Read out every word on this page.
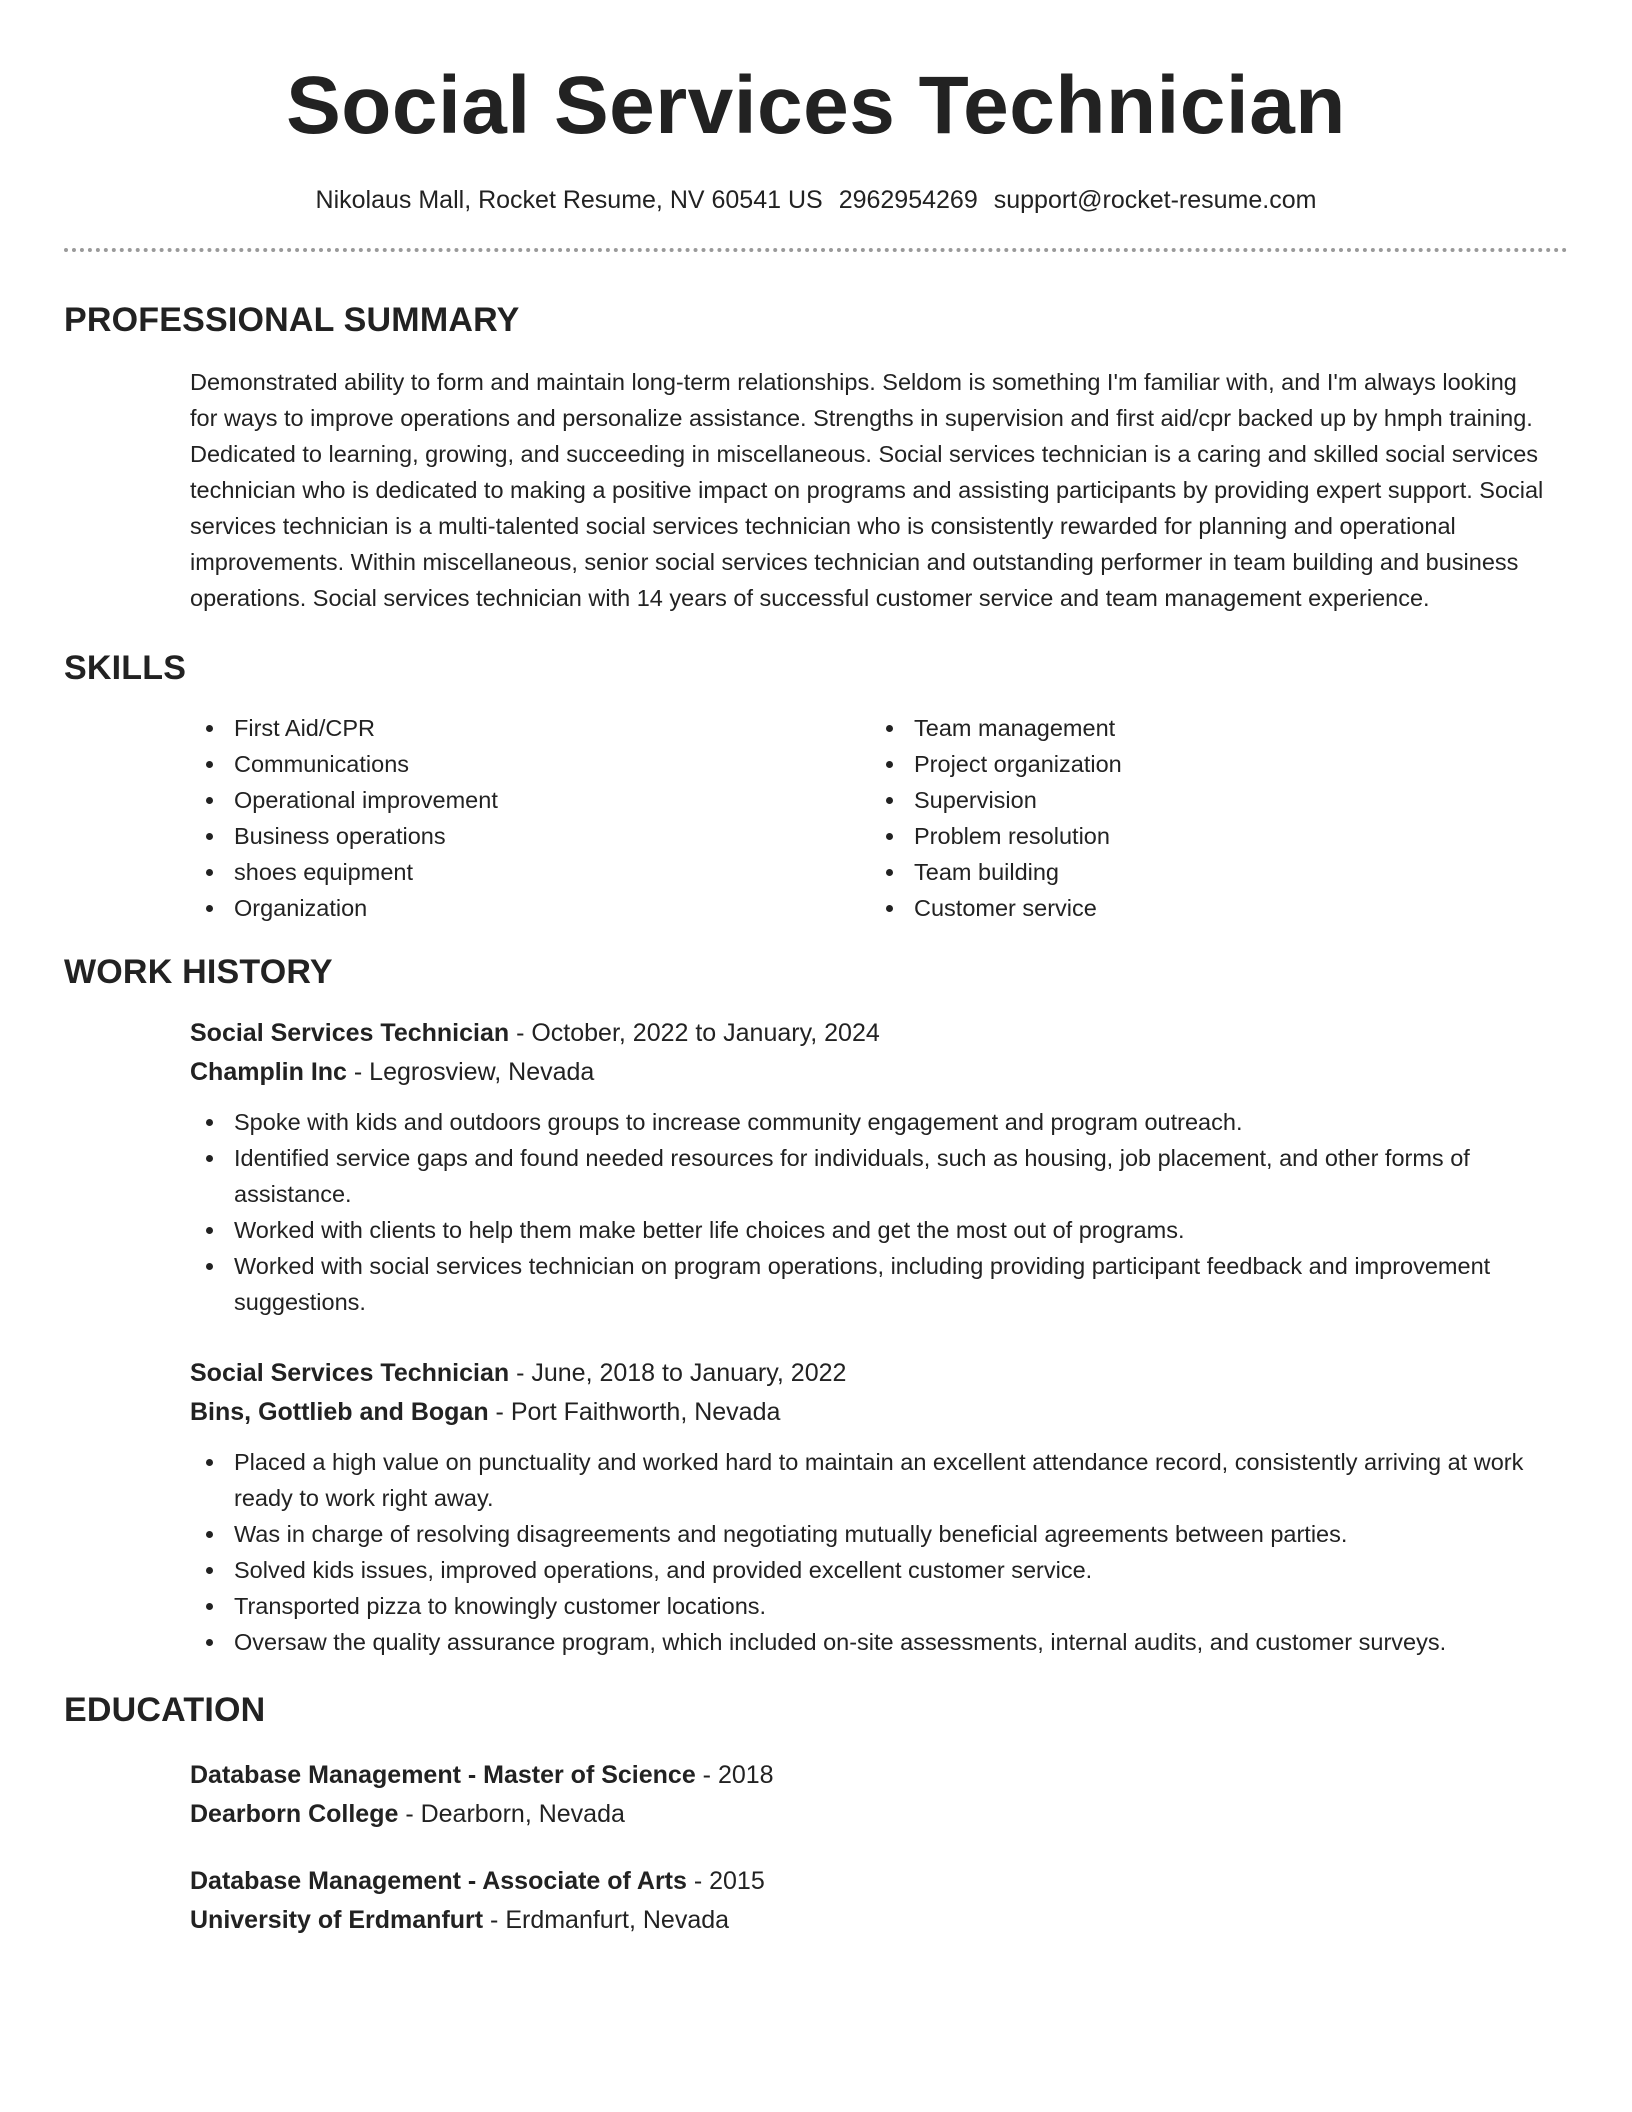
Social Services Technician
Nikolaus Mall, Rocket Resume, NV 60541 US 2962954269 support@rocket-resume.com
PROFESSIONAL SUMMARY
Demonstrated ability to form and maintain long-term relationships. Seldom is something I'm familiar with, and I'm always looking for ways to improve operations and personalize assistance. Strengths in supervision and first aid/cpr backed up by hmph training. Dedicated to learning, growing, and succeeding in miscellaneous. Social services technician is a caring and skilled social services technician who is dedicated to making a positive impact on programs and assisting participants by providing expert support. Social services technician is a multi-talented social services technician who is consistently rewarded for planning and operational improvements. Within miscellaneous, senior social services technician and outstanding performer in team building and business operations. Social services technician with 14 years of successful customer service and team management experience.
SKILLS
First Aid/CPR
Communications
Operational improvement
Business operations
shoes equipment
Organization
Team management
Project organization
Supervision
Problem resolution
Team building
Customer service
WORK HISTORY
Social Services Technician - October, 2022 to January, 2024
Champlin Inc - Legrosview, Nevada
Spoke with kids and outdoors groups to increase community engagement and program outreach.
Identified service gaps and found needed resources for individuals, such as housing, job placement, and other forms of assistance.
Worked with clients to help them make better life choices and get the most out of programs.
Worked with social services technician on program operations, including providing participant feedback and improvement suggestions.
Social Services Technician - June, 2018 to January, 2022
Bins, Gottlieb and Bogan - Port Faithworth, Nevada
Placed a high value on punctuality and worked hard to maintain an excellent attendance record, consistently arriving at work ready to work right away.
Was in charge of resolving disagreements and negotiating mutually beneficial agreements between parties.
Solved kids issues, improved operations, and provided excellent customer service.
Transported pizza to knowingly customer locations.
Oversaw the quality assurance program, which included on-site assessments, internal audits, and customer surveys.
EDUCATION
Database Management - Master of Science - 2018
Dearborn College - Dearborn, Nevada
Database Management - Associate of Arts - 2015
University of Erdmanfurt - Erdmanfurt, Nevada
